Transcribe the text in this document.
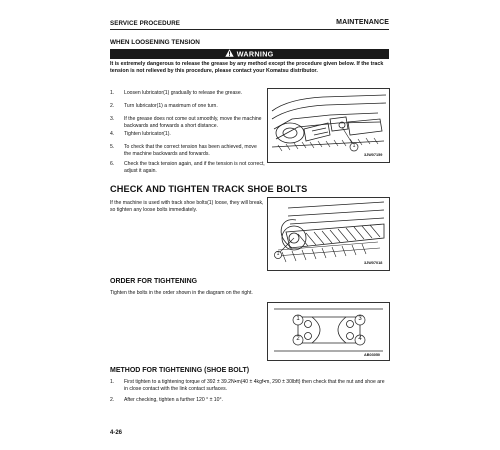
SERVICE PROCEDURE	MAINTENANCE
WHEN LOOSENING TENSION
WARNING
It is extremely dangerous to release the grease by any method except the procedure given below. If the track tension is not relieved by this procedure, please contact your Komatsu distributor.
1.	Loosen lubricator(1) gradually to release the grease.
2.	Turn lubricator(1) a maximum of one turn.
3.	If the grease does not come out smoothly, move the machine backwards and forwards a short distance.
4.	Tighten lubricator(1).
5.	To check that the correct tension has been achieved, move the machine backwards and forwards.
6.	Check the track tension again, and if the tension is not correct, adjust it again.
1
3JW07159
CHECK AND TIGHTEN TRACK SHOE BOLTS
If the machine is used with track shoe bolts(1) loose, they will break, so tighten any loose bolts immediately.
1
3JW07018
ORDER FOR TIGHTENING
Tighten the bolts in the order shown in the diagram on the right.
1
2
3
4
AB03050
METHOD FOR TIGHTENING (SHOE BOLT)
1.	First tighten to a tightening torque of 392 ± 39.2N•m(40 ± 4kgf•m, 290 ± 30lbft) then check that the nut and shoe are in close contact with the link contact surfaces.
2.	After checking, tighten a further 120 ° ± 10°.
4-26
